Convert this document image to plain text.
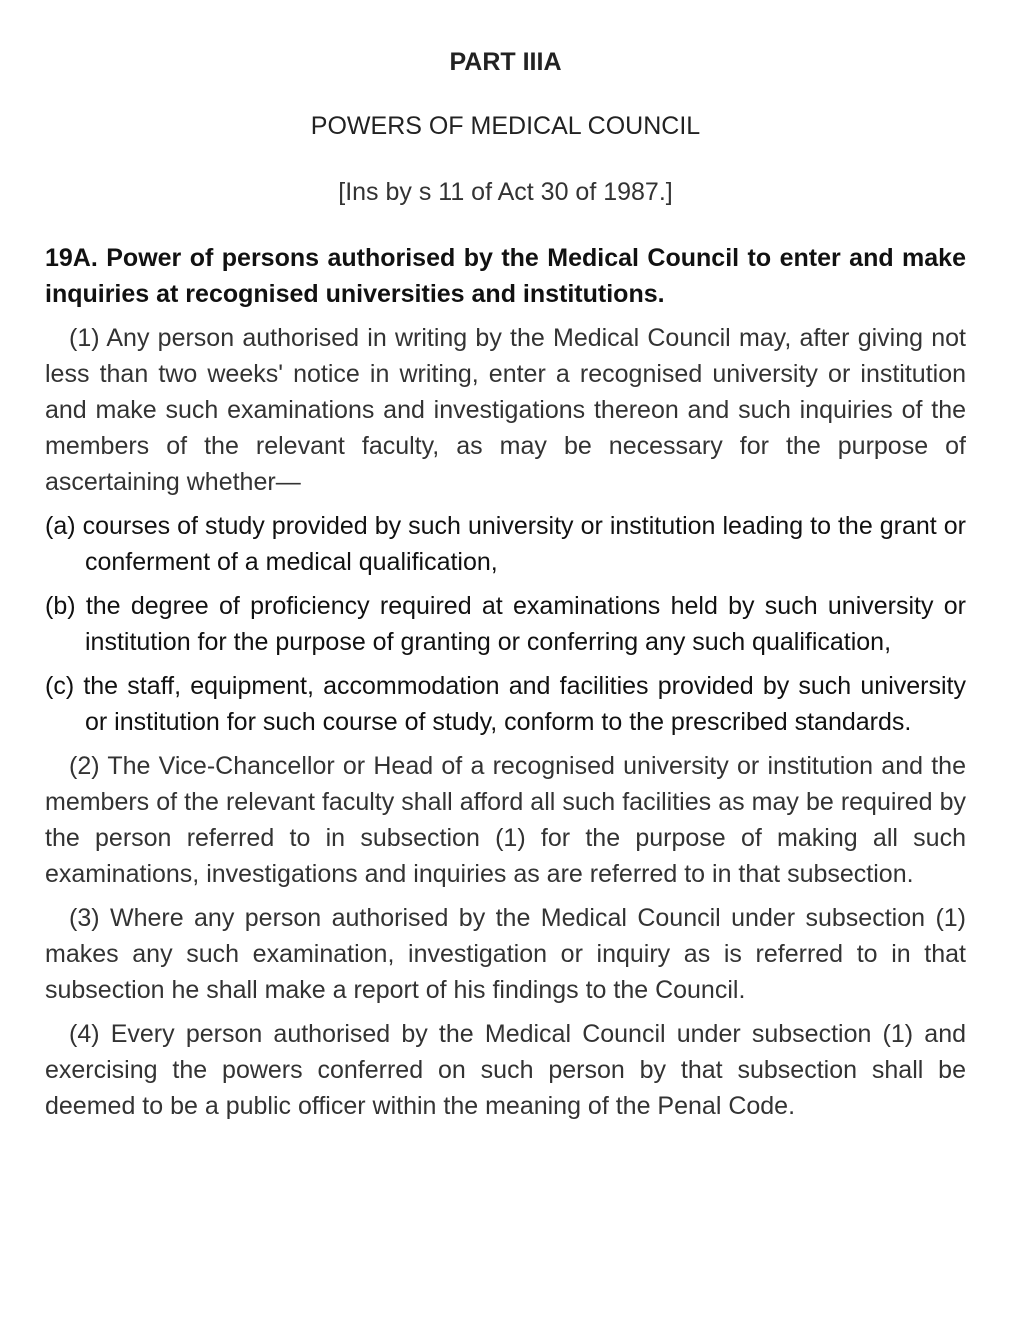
PART IIIA
POWERS OF MEDICAL COUNCIL
[Ins by s 11 of Act 30 of 1987.]
19A. Power of persons authorised by the Medical Council to enter and make inquiries at recognised universities and institutions.

(1) Any person authorised in writing by the Medical Council may, after giving not less than two weeks' notice in writing, enter a recognised university or institution and make such examinations and investigations thereon and such inquiries of the members of the relevant faculty, as may be necessary for the purpose of ascertaining whether—

(a) courses of study provided by such university or institution leading to the grant or conferment of a medical qualification,

(b) the degree of proficiency required at examinations held by such university or institution for the purpose of granting or conferring any such qualification,

(c) the staff, equipment, accommodation and facilities provided by such university or institution for such course of study, conform to the prescribed standards.

(2) The Vice-Chancellor or Head of a recognised university or institution and the members of the relevant faculty shall afford all such facilities as may be required by the person referred to in subsection (1) for the purpose of making all such examinations, investigations and inquiries as are referred to in that subsection.

(3) Where any person authorised by the Medical Council under subsection (1) makes any such examination, investigation or inquiry as is referred to in that subsection he shall make a report of his findings to the Council.

(4) Every person authorised by the Medical Council under subsection (1) and exercising the powers conferred on such person by that subsection shall be deemed to be a public officer within the meaning of the Penal Code.
